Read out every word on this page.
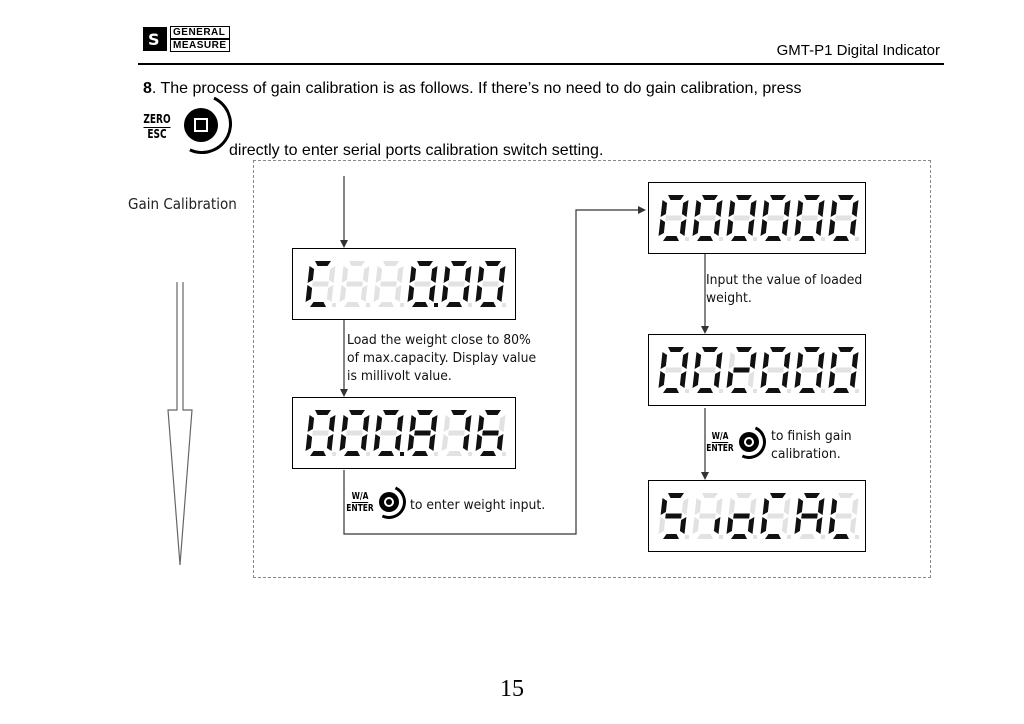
S	GENERAL
MEASURE	GMT-P1 Digital Indicator
8. The process of gain calibration is as follows. If there’s no need to do gain calibration, press
ZERO
ESC
directly to enter serial ports calibration switch setting.
Gain Calibration
Load the weight close to 80%
of max.capacity. Display value
is millivolt value.
W/A
ENTER	to enter weight input.
Input the value of loaded
weight.
W/A
ENTER
to finish gain
calibration.
15
